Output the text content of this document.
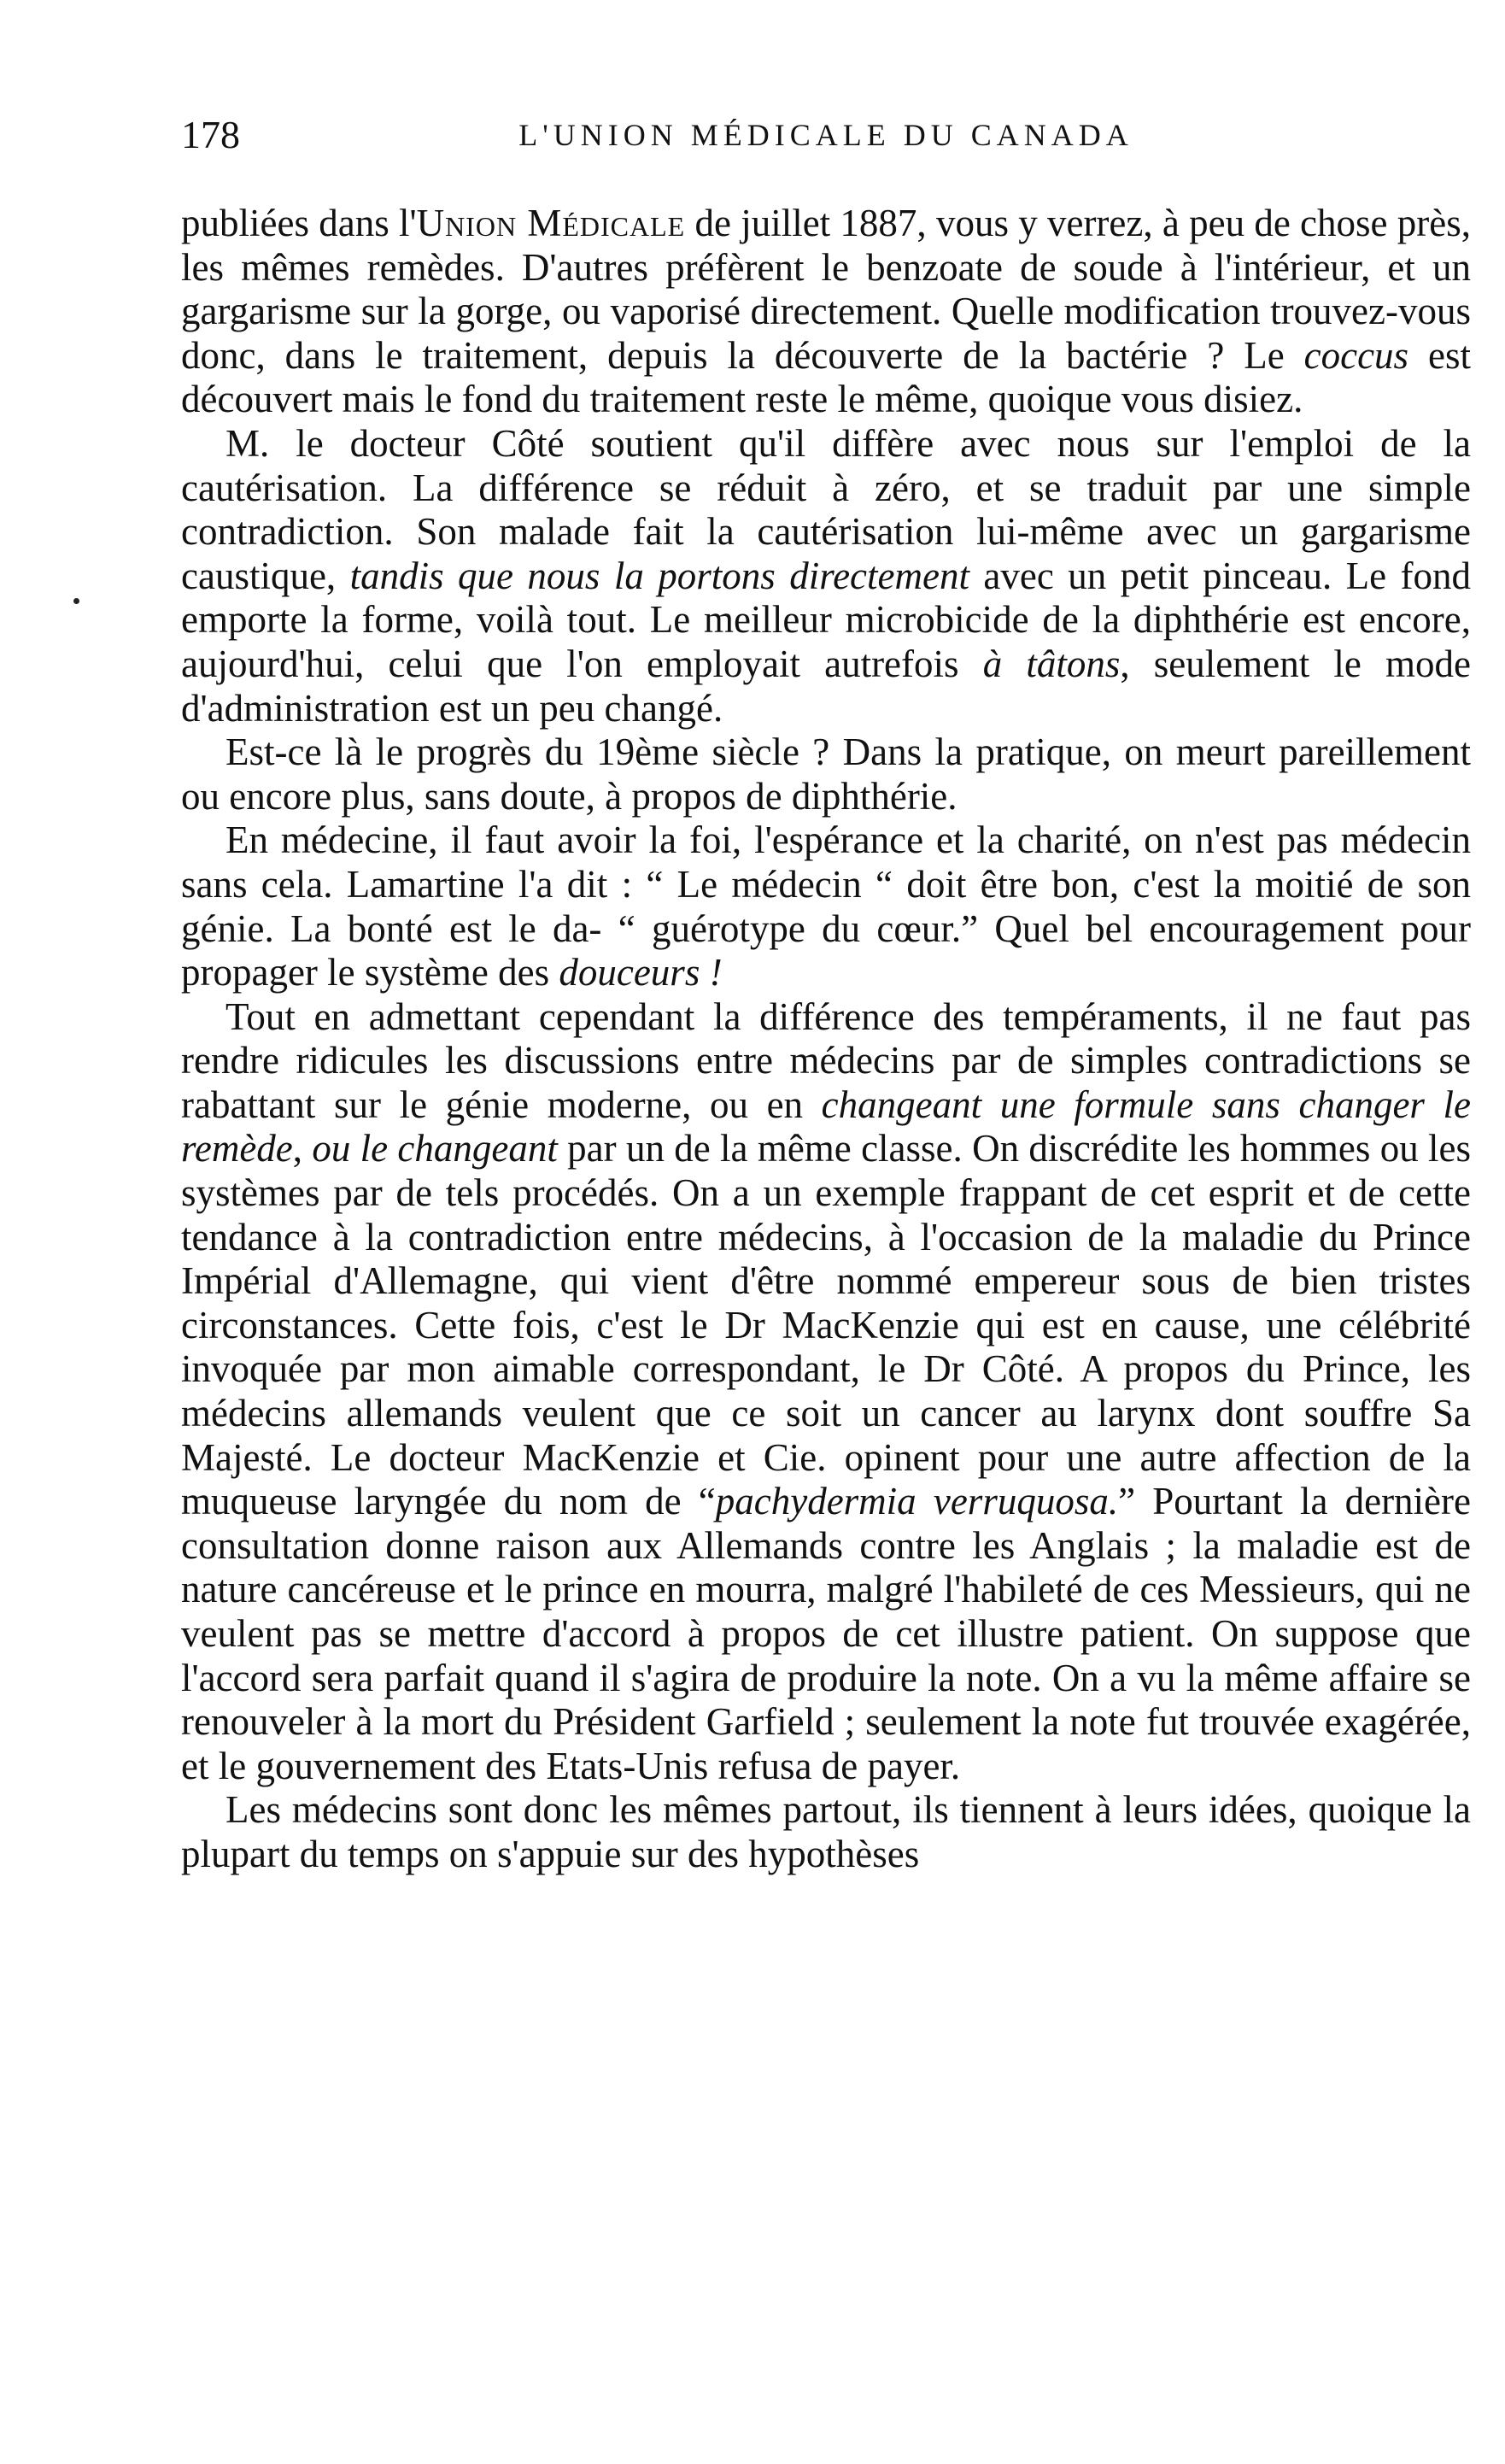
178	L'UNION MÉDICALE DU CANADA

publiées dans l'Union Médicale de juillet 1887, vous y verrez, à peu de chose près, les mêmes remèdes. D'autres préfèrent le benzoate de soude à l'intérieur, et un gargarisme sur la gorge, ou vaporisé directement. Quelle modification trouvez-vous donc, dans le traitement, depuis la découverte de la bactérie ? Le coccus est découvert mais le fond du traitement reste le même, quoique vous disiez.

M. le docteur Côté soutient qu'il diffère avec nous sur l'emploi de la cautérisation. La différence se réduit à zéro, et se traduit par une simple contradiction. Son malade fait la cautérisation lui-même avec un gargarisme caustique, tandis que nous la portons directement avec un petit pinceau. Le fond emporte la forme, voilà tout. Le meilleur microbicide de la diphthérie est encore, aujourd'hui, celui que l'on employait autrefois à tâtons, seulement le mode d'administration est un peu changé.

Est-ce là le progrès du 19ème siècle ? Dans la pratique, on meurt pareillement ou encore plus, sans doute, à propos de diphthérie.

En médecine, il faut avoir la foi, l'espérance et la charité, on n'est pas médecin sans cela. Lamartine l'a dit : “ Le médecin “ doit être bon, c'est la moitié de son génie. La bonté est le da- “ guérotype du cœur.” Quel bel encouragement pour propager le système des douceurs !

Tout en admettant cependant la différence des tempéraments, il ne faut pas rendre ridicules les discussions entre médecins par de simples contradictions se rabattant sur le génie moderne, ou en changeant une formule sans changer le remède, ou le changeant par un de la même classe. On discrédite les hommes ou les systèmes par de tels procédés. On a un exemple frappant de cet esprit et de cette tendance à la contradiction entre médecins, à l'occasion de la maladie du Prince Impérial d'Allemagne, qui vient d'être nommé empereur sous de bien tristes circonstances. Cette fois, c'est le Dr MacKenzie qui est en cause, une célébrité invoquée par mon aimable correspondant, le Dr Côté. A propos du Prince, les médecins allemands veulent que ce soit un cancer au larynx dont souffre Sa Majesté. Le docteur MacKenzie et Cie. opinent pour une autre affection de la muqueuse laryngée du nom de “pachydermia verruquosa.” Pourtant la dernière consultation donne raison aux Allemands contre les Anglais ; la maladie est de nature cancéreuse et le prince en mourra, malgré l'habileté de ces Messieurs, qui ne veulent pas se mettre d'accord à propos de cet illustre patient. On suppose que l'accord sera parfait quand il s'agira de produire la note. On a vu la même affaire se renouveler à la mort du Président Garfield ; seulement la note fut trouvée exagérée, et le gouvernement des Etats-Unis refusa de payer.

Les médecins sont donc les mêmes partout, ils tiennent à leurs idées, quoique la plupart du temps on s'appuie sur des hypothèses
